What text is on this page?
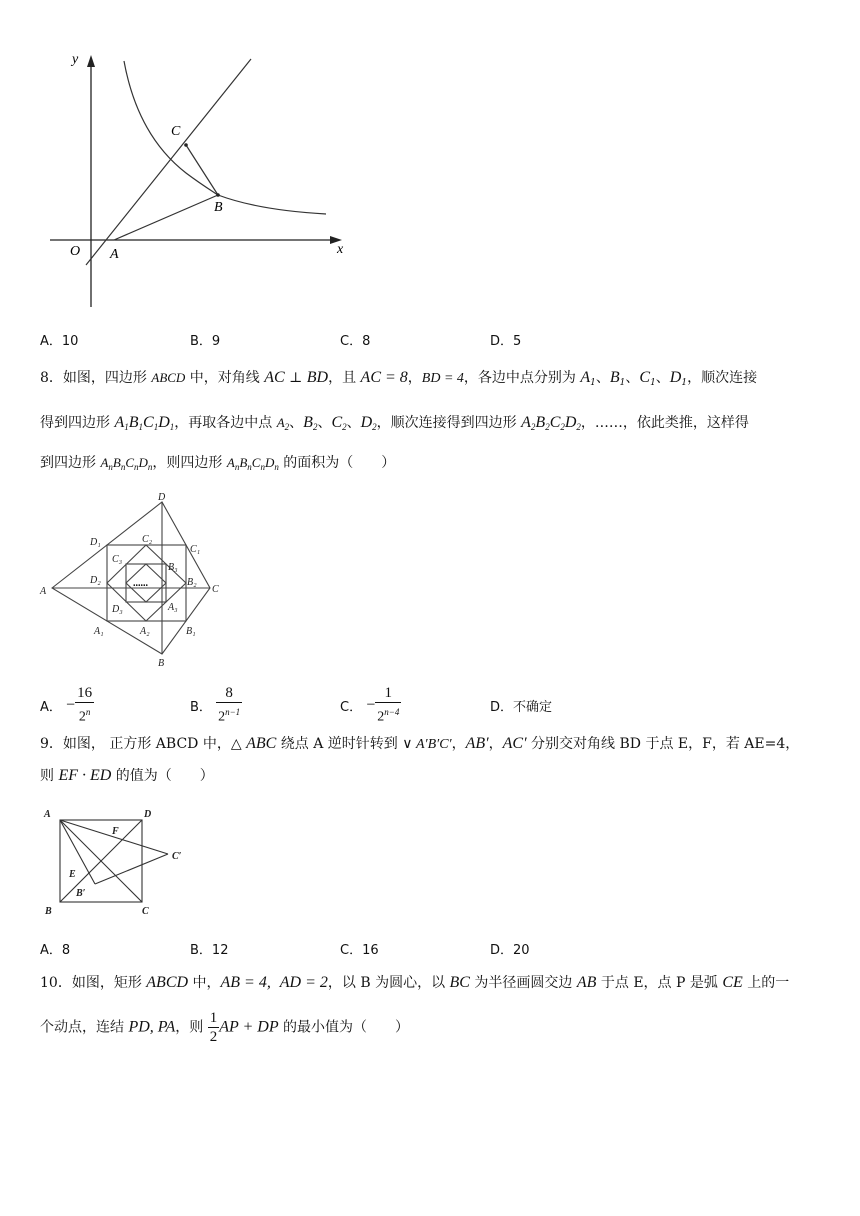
y
x
O A
B
C
A．10	B．9	C．8	D．5
8．如图，四边形 ABCD 中，对角线 AC ⊥ BD，且 AC = 8，BD = 4，各边中点分别为 $A_1$、$B_1$、$C_1$、$D_1$，顺次连接
得到四边形 $A_1B_1C_1D_1$，再取各边中点 $A_2$、$B_2$、$C_2$、$D_2$，顺次连接得到四边形 $A_2B_2C_2D_2$，……，依此类推，这样得
到四边形 $A_nB_nC_nD_n$，则四边形 $A_nB_nC_nD_n$ 的面积为（　　）
......
D
D₁	C₂
C₁
C₃
B₃
A
D₂	B₂
C
D₃	A₃
A₁	A₂	B₁
B
A． − $\frac{16}{2^n}$	B． $\frac{8}{2^{n-1}}$	C． − $\frac{1}{2^{n-4}}$	D．不确定
9．如图， 正方形 ABCD 中，△ ABC 绕点 A 逆时针转到 ∨ A′B′C′，AB′，AC′ 分别交对角线 BD 于点 E，F，若 AE=4，
则 EF · ED 的值为（　　）
A	D
F
C′
E
B′
B	C
A．8	B．12	C．16	D．20
10．如图，矩形 ABCD 中，AB = 4, AD = 2，以 B 为圆心，以 BC 为半径画圆交边 AB 于点 E，点 P 是弧 CE 上的一
个动点，连结 PD, PA，则 $\frac{1}{2}$ AP + DP 的最小值为（　　）
